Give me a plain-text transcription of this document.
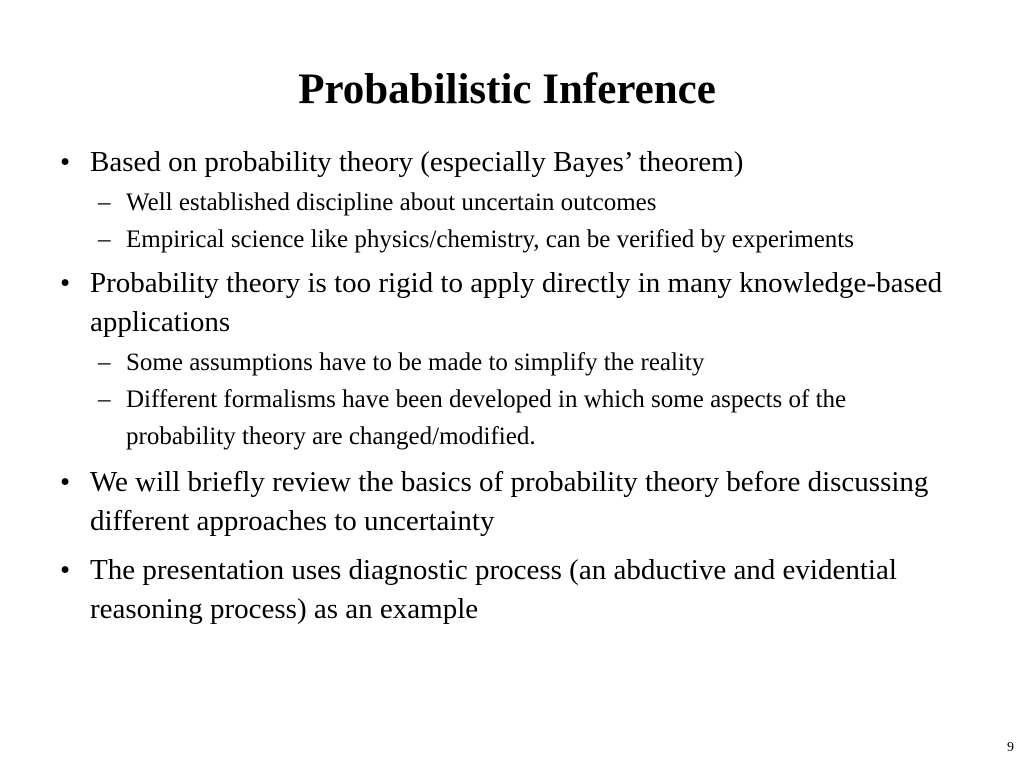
Probabilistic Inference
• Based on probability theory (especially Bayes’ theorem)
– Well established discipline about uncertain outcomes
– Empirical science like physics/chemistry, can be verified by experiments
• Probability theory is too rigid to apply directly in many knowledge-based applications
– Some assumptions have to be made to simplify the reality
– Different formalisms have been developed in which some aspects of the probability theory are changed/modified.
• We will briefly review the basics of probability theory before discussing different approaches to uncertainty
• The presentation uses diagnostic process (an abductive and evidential reasoning process) as an example
9
